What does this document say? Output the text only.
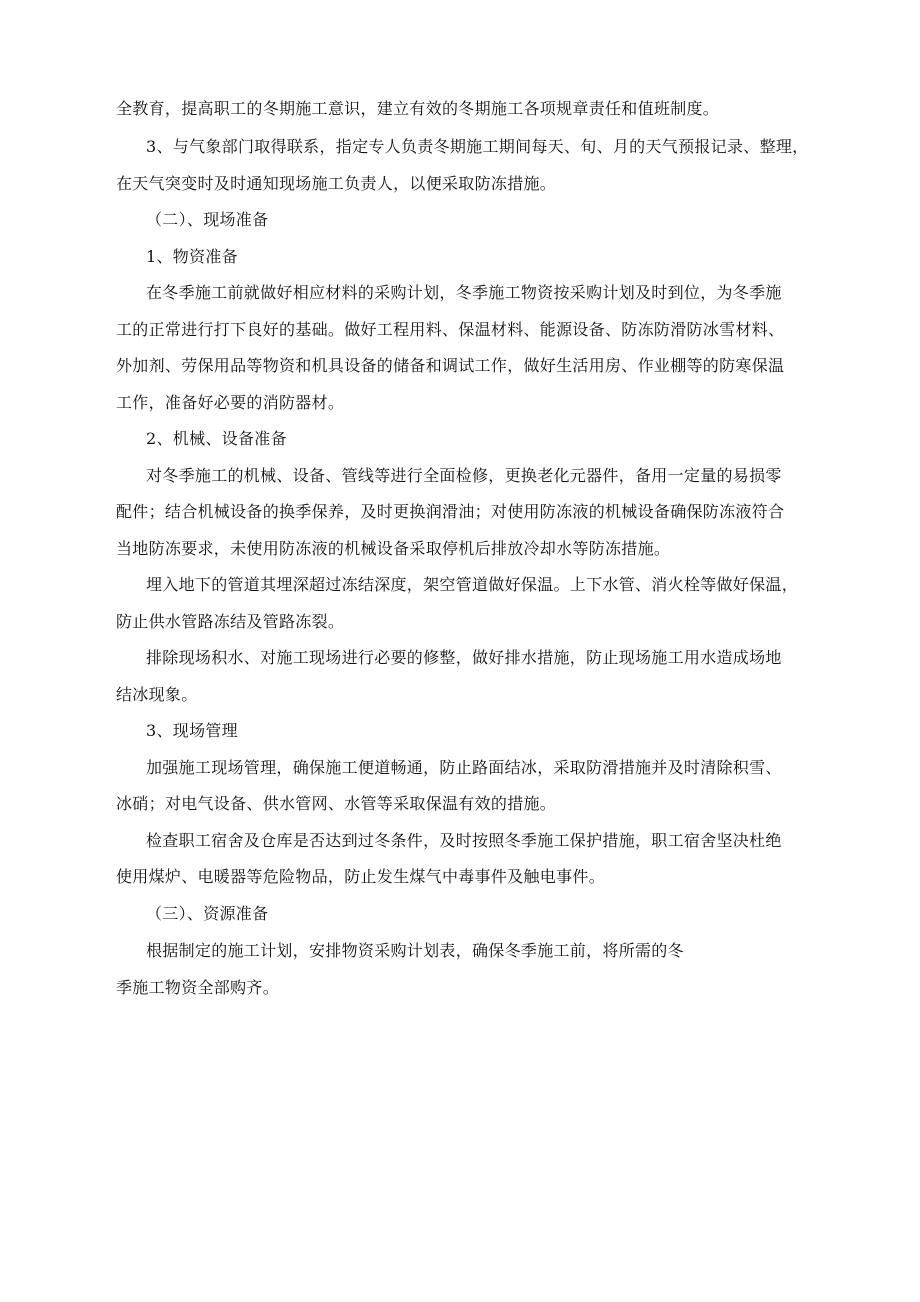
全教育，提高职工的冬期施工意识，建立有效的冬期施工各项规章责任和值班制度。
3、与气象部门取得联系，指定专人负责冬期施工期间每天、旬、月的天气预报记录、整理，
在天气突变时及时通知现场施工负责人，以便采取防冻措施。
（二）、现场准备
1、物资准备
在冬季施工前就做好相应材料的采购计划，冬季施工物资按采购计划及时到位，为冬季施
工的正常进行打下良好的基础。做好工程用料、保温材料、能源设备、防冻防滑防冰雪材料、
外加剂、劳保用品等物资和机具设备的储备和调试工作，做好生活用房、作业棚等的防寒保温
工作，准备好必要的消防器材。
2、机械、设备准备
对冬季施工的机械、设备、管线等进行全面检修，更换老化元器件，备用一定量的易损零
配件；结合机械设备的换季保养，及时更换润滑油；对使用防冻液的机械设备确保防冻液符合
当地防冻要求，未使用防冻液的机械设备采取停机后排放冷却水等防冻措施。
埋入地下的管道其埋深超过冻结深度，架空管道做好保温。上下水管、消火栓等做好保温，
防止供水管路冻结及管路冻裂。
排除现场积水、对施工现场进行必要的修整，做好排水措施，防止现场施工用水造成场地
结冰现象。
3、现场管理
加强施工现场管理，确保施工便道畅通，防止路面结冰，采取防滑措施并及时清除积雪、
冰硝；对电气设备、供水管网、水管等采取保温有效的措施。
检查职工宿舍及仓库是否达到过冬条件，及时按照冬季施工保护措施，职工宿舍坚决杜绝
使用煤炉、电暖器等危险物品，防止发生煤气中毒事件及触电事件。
（三）、资源准备
根据制定的施工计划，安排物资采购计划表，确保冬季施工前，将所需的冬
季施工物资全部购齐。
